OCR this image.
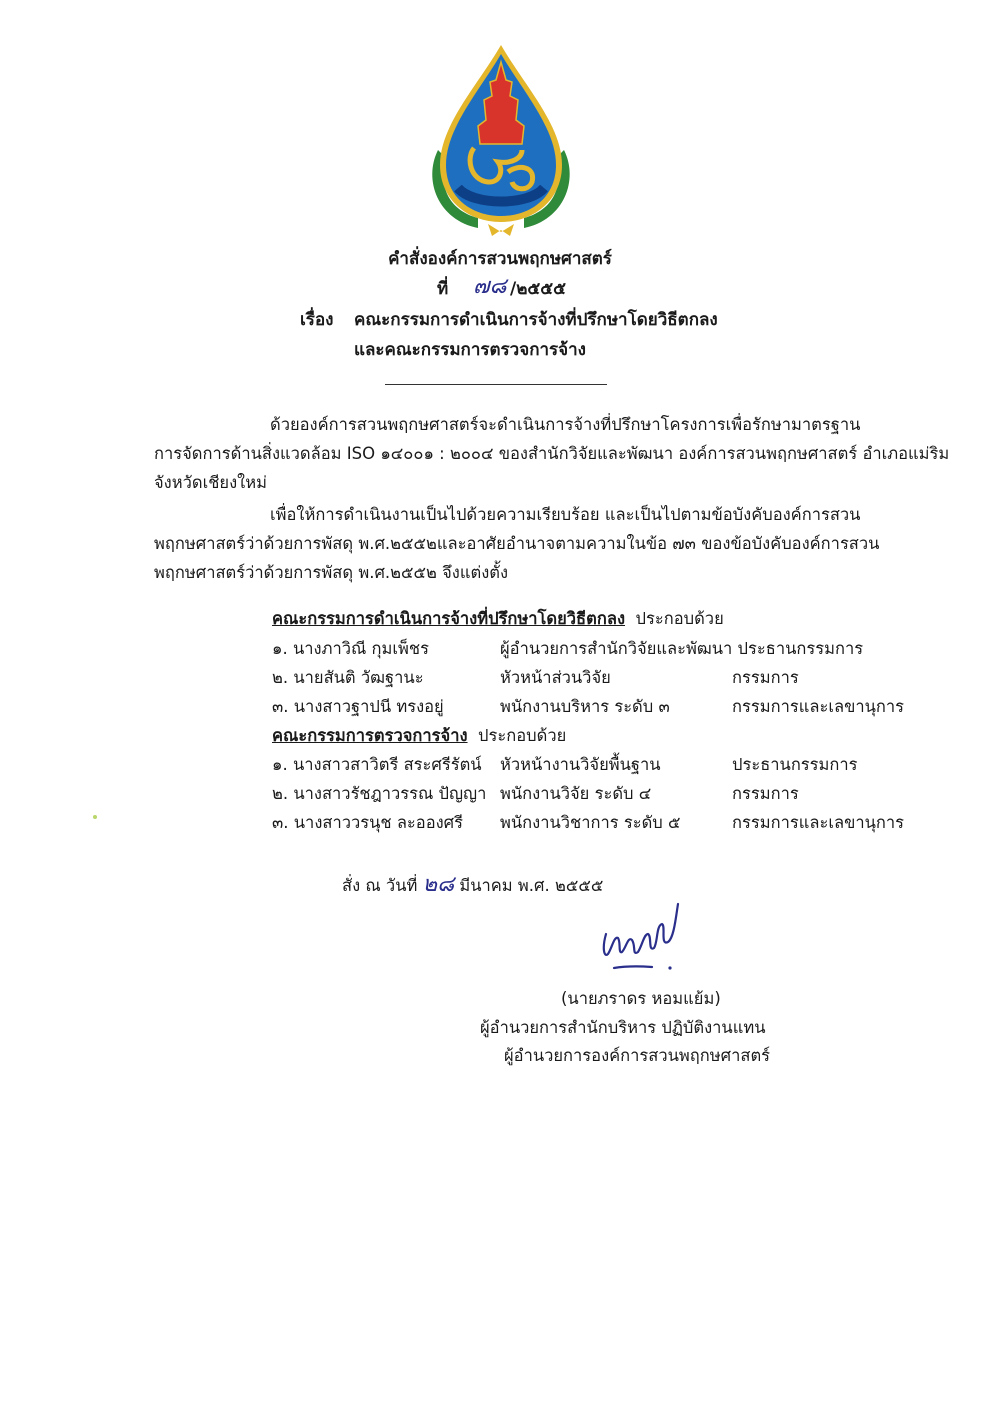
คำสั่งองค์การสวนพฤกษศาสตร์
ที่ ๗๘ /๒๕๕๕
เรื่อง คณะกรรมการดำเนินการจ้างที่ปรึกษาโดยวิธีตกลง
และคณะกรรมการตรวจการจ้าง
ด้วยองค์การสวนพฤกษศาสตร์จะดำเนินการจ้างที่ปรึกษาโครงการเพื่อรักษามาตรฐาน
การจัดการด้านสิ่งแวดล้อม ISO ๑๔๐๐๑ : ๒๐๐๔ ของสำนักวิจัยและพัฒนา องค์การสวนพฤกษศาสตร์ อำเภอแม่ริม
จังหวัดเชียงใหม่
เพื่อให้การดำเนินงานเป็นไปด้วยความเรียบร้อย และเป็นไปตามข้อบังคับองค์การสวน
พฤกษศาสตร์ว่าด้วยการพัสดุ พ.ศ.๒๕๕๒และอาศัยอำนาจตามความในข้อ ๗๓ ของข้อบังคับองค์การสวน
พฤกษศาสตร์ว่าด้วยการพัสดุ พ.ศ.๒๕๕๒ จึงแต่งตั้ง
คณะกรรมการดำเนินการจ้างที่ปรึกษาโดยวิธีตกลง ประกอบด้วย
๑. นางภาวิณี กุมเพ็ชร	ผู้อำนวยการสำนักวิจัยและพัฒนา ประธานกรรมการ
๒. นายสันติ วัฒฐานะ	หัวหน้าส่วนวิจัย	กรรมการ
๓. นางสาวฐาปนี ทรงอยู่	พนักงานบริหาร ระดับ ๓	กรรมการและเลขานุการ
คณะกรรมการตรวจการจ้าง ประกอบด้วย
๑. นางสาวสาวิตรี สระศรีรัตน์ หัวหน้างานวิจัยพื้นฐาน	ประธานกรรมการ
๒. นางสาวรัชฎาวรรณ ปัญญา พนักงานวิจัย ระดับ ๔	กรรมการ
๓. นางสาววรนุช ละอองศรี พนักงานวิชาการ ระดับ ๕	กรรมการและเลขานุการ
สั่ง ณ วันที่ ๒๘ มีนาคม พ.ศ. ๒๕๕๕
(นายภราดร หอมแย้ม)
ผู้อำนวยการสำนักบริหาร ปฏิบัติงานแทน
ผู้อำนวยการองค์การสวนพฤกษศาสตร์
